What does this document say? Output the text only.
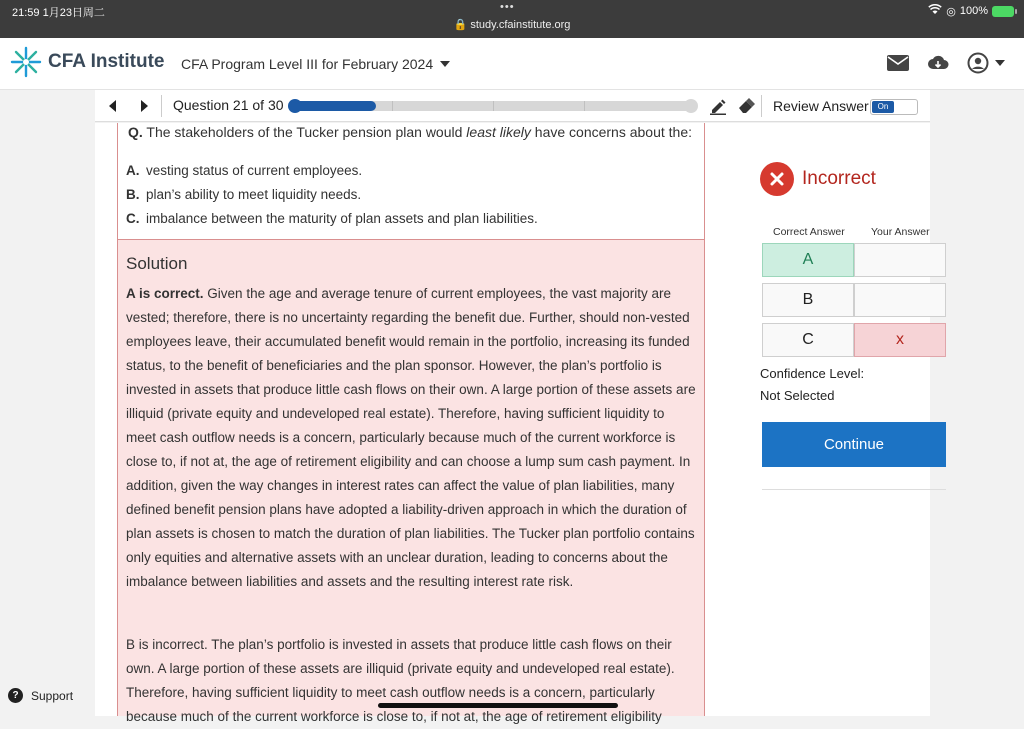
21:59 1月23日周二	•••
🔒 study.cfainstitute.org
◎ 100%
CFA Institute CFA Program Level III for February 2024
Question 21 of 30	Review Answer	On
Q. The stakeholders of the Tucker pension plan would least likely have concerns about the:
A. vesting status of current employees.
B. plan’s ability to meet liquidity needs.
C. imbalance between the maturity of plan assets and plan liabilities.
Solution
A is correct. Given the age and average tenure of current employees, the vast majority are vested; therefore, there is no uncertainty regarding the benefit due. Further, should non-vested employees leave, their accumulated benefit would remain in the portfolio, increasing its funded status, to the benefit of beneficiaries and the plan sponsor. However, the plan’s portfolio is invested in assets that produce little cash flows on their own. A large portion of these assets are illiquid (private equity and undeveloped real estate). Therefore, having sufficient liquidity to meet cash outflow needs is a concern, particularly because much of the current workforce is close to, if not at, the age of retirement eligibility and can choose a lump sum cash payment. In addition, given the way changes in interest rates can affect the value of plan liabilities, many defined benefit pension plans have adopted a liability-driven approach in which the duration of plan assets is chosen to match the duration of plan liabilities. The Tucker plan portfolio contains only equities and alternative assets with an unclear duration, leading to concerns about the imbalance between liabilities and assets and the resulting interest rate risk.
B is incorrect. The plan’s portfolio is invested in assets that produce little cash flows on their own. A large portion of these assets are illiquid (private equity and undeveloped real estate). Therefore, having sufficient liquidity to meet cash outflow needs is a concern, particularly because much of the current workforce is close to, if not at, the age of retirement eligibility
Incorrect
Correct Answer Your Answer
A
B
C	x
Confidence Level:
Not Selected
Continue
?	Support
